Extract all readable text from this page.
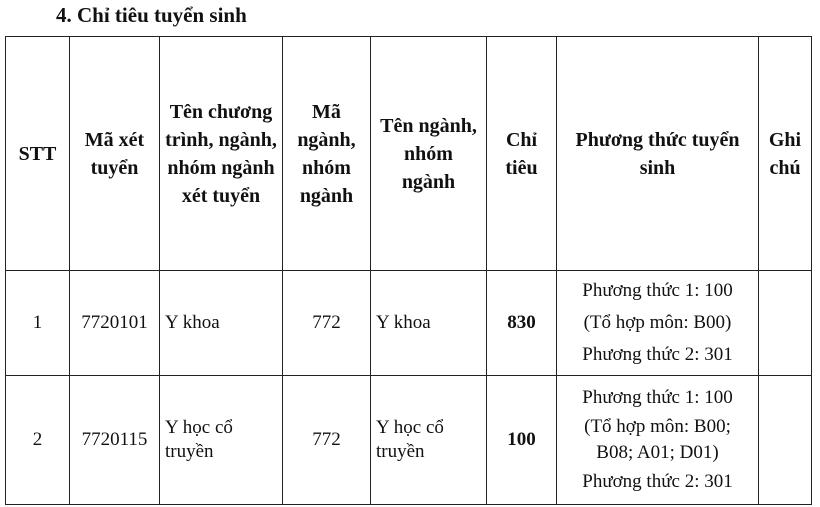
4. Chỉ tiêu tuyển sinh
STT	Mã xét tuyển	Tên chương trình, ngành, nhóm ngành xét tuyển	Mã ngành, nhóm ngành	Tên ngành, nhóm ngành	Chỉ tiêu	Phương thức tuyển sinh	Ghi chú
1	7720101	Y khoa	772	Y khoa	830	Phương thức 1: 100
(Tổ hợp môn: B00)
Phương thức 2: 301	

2	7720115	Y học cổ truyền	772	Y học cổ truyền	100	Phương thức 1: 100
(Tổ hợp môn: B00;
B08; A01; D01)
Phương thức 2: 301	
